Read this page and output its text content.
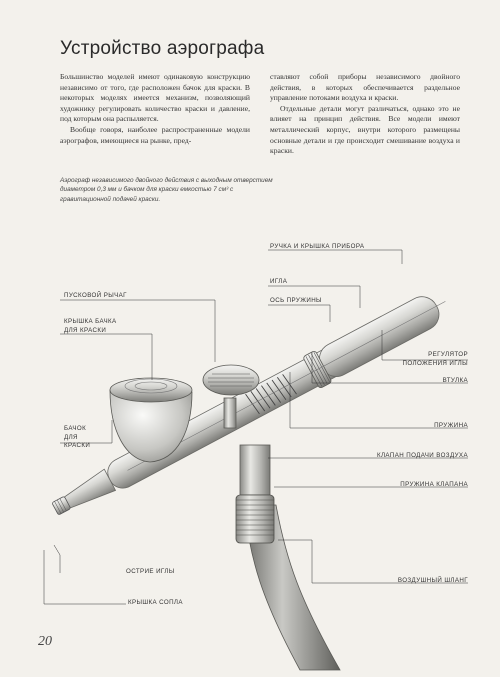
Устройство аэрографа

Большинство моделей имеют одинаковую конструкцию независимо от того, где расположен бачок для краски. В некоторых моделях имеется механизм, позволяющий художнику регулировать количество краски и давление, под которым она распыляется.

Вообще говоря, наиболее распространенные модели аэрографов, имеющиеся на рынке, пред-

ставляют собой приборы независимого двойного действия, в которых обеспечивается раздельное управление потоками воздуха и краски.

Отдельные детали могут различаться, однако это не влияет на принцип действия. Все модели имеют металлический корпус, внутри которого размещены основные детали и где происходит смешивание воздуха и краски.

Аэрограф независимого двойного действия с выходным отверстием диаметром 0,3 мм и бачком для краски емкостью 7 см³ с гравитационной подачей краски.
РУЧКА И КРЫШКА ПРИБОРА
ИГЛА
ОСЬ ПРУЖИНЫ
РЕГУЛЯТОР
ПОЛОЖЕНИЯ ИГЛЫ
ВТУЛКА
ПРУЖИНА
КЛАПАН ПОДАЧИ ВОЗДУХА
ПРУЖИНА КЛАПАНА
ВОЗДУШНЫЙ ШЛАНГ
ПУСКОВОЙ РЫЧАГ
КРЫШКА БАЧКА
ДЛЯ КРАСКИ
БАЧОК
ДЛЯ
КРАСКИ
ОСТРИЕ ИГЛЫ
КРЫШКА СОПЛА
20
